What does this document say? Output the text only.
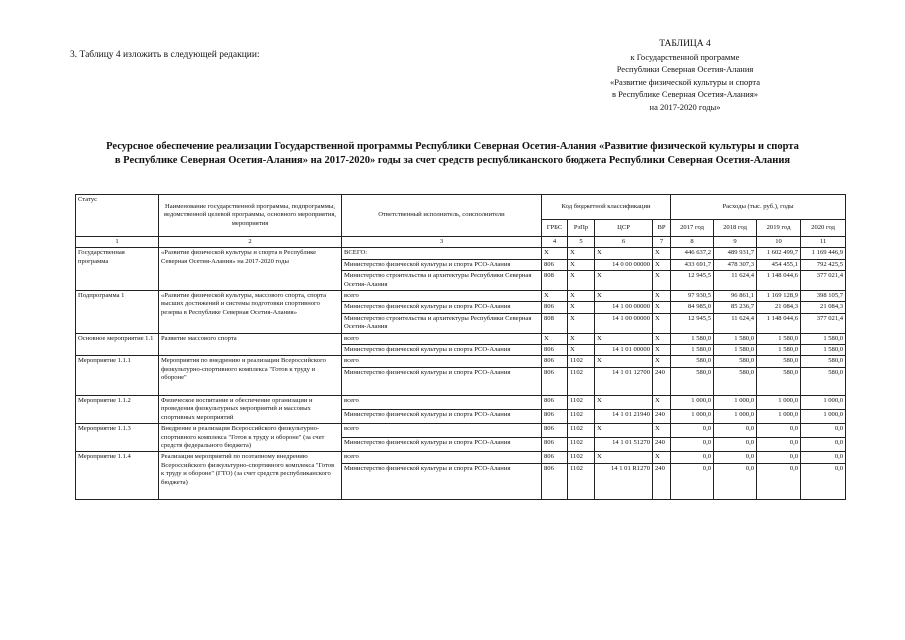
3. Таблицу 4 изложить в следующей редакции:
ТАБЛИЦА 4
к Государственной программе
Республики Северная Осетия-Алания
«Развитие физической культуры и спорта
в Республике Северная Осетия-Алания»
на 2017-2020 годы»
Ресурсное обеспечение реализации Государственной программы Республики Северная Осетия-Алания «Развитие физической культуры и спорта
в Республике Северная Осетия-Алания» на 2017-2020» годы за счет средств республиканского бюджета Республики Северная Осетия-Алания
Статус	Наименование государственной программы, подпрограммы, ведомственной целевой программы, основного мероприятия, мероприятия	Ответственный исполнитель, соисполнители	Код бюджетной классификации				Расходы (тыс. руб.), годы			
			ГРБС	РзПр	ЦСР	ВР	2017 год	2018 год	2019 год	2020 год
1	2	3	4	5	6	7	8	9	10	11
Государственная программа	«Развитие физической культуры и спорта в Республике Северная Осетия-Алания» на 2017-2020 годы	ВСЕГО:	X	X	X	X	446 637,2	489 931,7	1 602 499,7	1 169 446,9
		Министерство физической культуры и спорта РСО-Алания	806	X	14 0 00 00000	X	433 691,7	478 307,3	454 455,1	792 425,5
		Министерство строительства и архитектуры Республики Северная Осетия-Алания	808	X	X	X	12 945,5	11 624,4	1 148 044,6	377 021,4
Подпрограмма 1	«Развитие физической культуры, массового спорта, спорта высших достижений и системы подготовки спортивного резерва в Республике Северная Осетия-Алания»	всего	X	X	X	X	97 930,5	96 861,1	1 169 128,9	398 105,7
		Министерство физической культуры и спорта РСО-Алания	806	X	14 1 00 00000	X	84 985,0	85 236,7	21 084,3	21 084,3
		Министерство строительства и архитектуры Республики Северная Осетия-Алания	808	X	14 1 00 00000	X	12 945,5	11 624,4	1 148 044,6	377 021,4
Основное мероприятие 1.1	Развитие массового спорта	всего	X	X	X	X	1 580,0	1 580,0	1 580,0	1 580,0
		Министерство физической культуры и спорта РСО-Алания	806	X	14 1 01 00000	X	1 580,0	1 580,0	1 580,0	1 580,0
Мероприятие 1.1.1	Мероприятия по внедрению и реализации Всероссийского физкультурно-спортивного комплекса "Готов к труду и обороне"	всего	806	1102	X	X	580,0	580,0	580,0	580,0
		Министерство физической культуры и спорта РСО-Алания	806	1102	14 1 01 12700	240	580,0	580,0	580,0	580,0
Мероприятие 1.1.2	Физическое воспитание и обеспечение организации и проведения физкультурных мероприятий и массовых спортивных мероприятий	всего	806	1102	X	X	1 000,0	1 000,0	1 000,0	1 000,0
		Министерство физической культуры и спорта РСО-Алания	806	1102	14 1 01 21940	240	1 000,0	1 000,0	1 000,0	1 000,0
Мероприятие 1.1.3	Внедрение и реализация Всероссийского физкультурно-спортивного комплекса "Готов к труду и обороне" (за счет средств федерального бюджета)	всего	806	1102	X	X	0,0	0,0	0,0	0,0
		Министерство физической культуры и спорта РСО-Алания	806	1102	14 1 01 51270	240	0,0	0,0	0,0	0,0
Мероприятие 1.1.4	Реализация мероприятий по поэтапному внедрению Всероссийского физкультурно-спортивного комплекса "Готов к труду и обороне" (ГТО) (за счет средств республиканского бюджета)	всего	806	1102	X	X	0,0	0,0	0,0	0,0
		Министерство физической культуры и спорта РСО-Алания	806	1102	14 1 01 R1270	240	0,0	0,0	0,0	0,0
